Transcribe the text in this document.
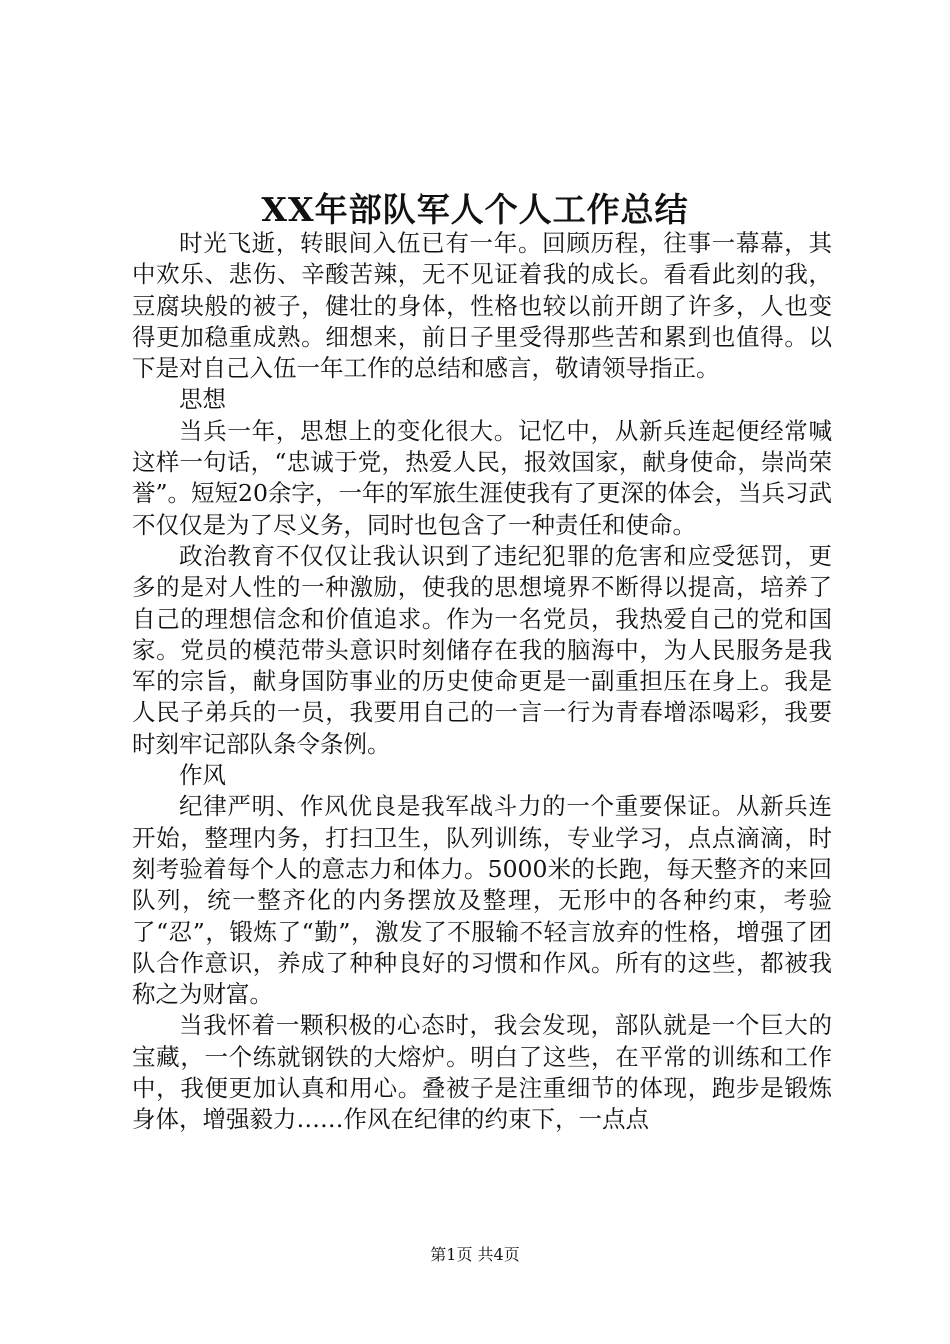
XX年部队军人个人工作总结

时光飞逝，转眼间入伍已有一年。回顾历程，往事一幕幕，其中欢乐、悲伤、辛酸苦辣，无不见证着我的成长。看看此刻的我，豆腐块般的被子，健壮的身体，性格也较以前开朗了许多，人也变得更加稳重成熟。细想来，前日子里受得那些苦和累到也值得。以下是对自己入伍一年工作的总结和感言，敬请领导指正。

思想

当兵一年，思想上的变化很大。记忆中，从新兵连起便经常喊这样一句话，“忠诚于党，热爱人民，报效国家，献身使命，崇尚荣誉”。短短20余字，一年的军旅生涯使我有了更深的体会，当兵习武不仅仅是为了尽义务，同时也包含了一种责任和使命。

政治教育不仅仅让我认识到了违纪犯罪的危害和应受惩罚，更多的是对人性的一种激励，使我的思想境界不断得以提高，培养了自己的理想信念和价值追求。作为一名党员，我热爱自己的党和国家。党员的模范带头意识时刻储存在我的脑海中，为人民服务是我军的宗旨，献身国防事业的历史使命更是一副重担压在身上。我是人民子弟兵的一员，我要用自己的一言一行为青春增添喝彩，我要时刻牢记部队条令条例。

作风

纪律严明、作风优良是我军战斗力的一个重要保证。从新兵连开始，整理内务，打扫卫生，队列训练，专业学习，点点滴滴，时刻考验着每个人的意志力和体力。5000米的长跑，每天整齐的来回队列，统一整齐化的内务摆放及整理，无形中的各种约束，考验了“忍”，锻炼了“勤”，激发了不服输不轻言放弃的性格，增强了团队合作意识，养成了种种良好的习惯和作风。所有的这些，都被我称之为财富。

当我怀着一颗积极的心态时，我会发现，部队就是一个巨大的宝藏，一个练就钢铁的大熔炉。明白了这些，在平常的训练和工作中，我便更加认真和用心。叠被子是注重细节的体现，跑步是锻炼身体，增强毅力……作风在纪律的约束下，一点点

第1页 共4页
